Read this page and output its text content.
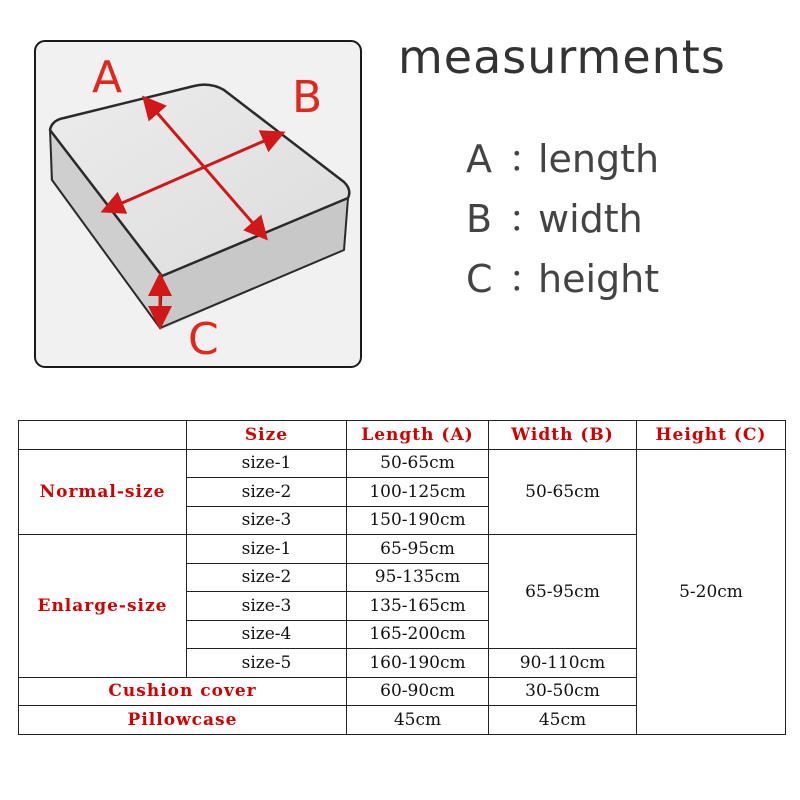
A	B
C
measurments
A ：length
B ：width
C ：height
	Size	Length (A)	Width (B)	Height (C)	
Normal-size	size-1	50-65cm	50-65cm	5-20cm	
	size-2	100-125cm			
	size-3	150-190cm			
Enlarge-size	size-1	65-95cm	65-95cm		
	size-2	95-135cm			
	size-3	135-165cm			
	size-4	165-200cm			
	size-5	160-190cm	90-110cm		
Cushion cover		60-90cm	30-50cm		
Pillowcase		45cm	45cm		
